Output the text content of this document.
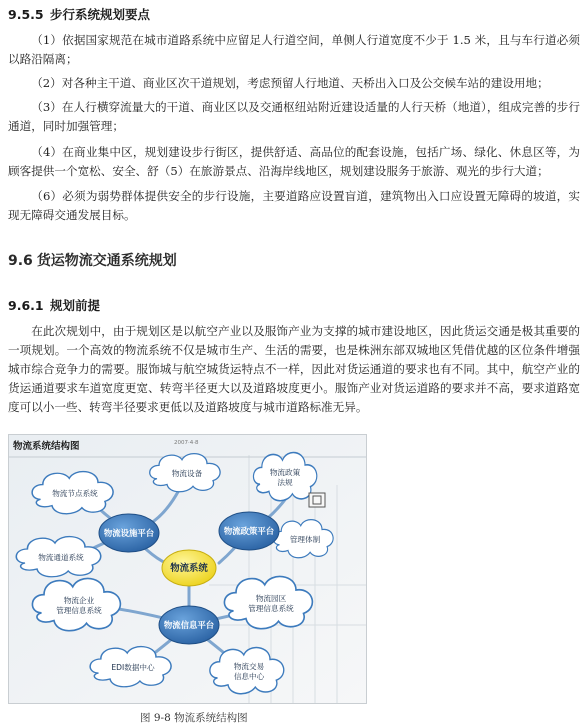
9.5.5 步行系统规划要点

（1）依据国家规范在城市道路系统中应留足人行道空间，单侧人行道宽度不少于 1.5 米，且与车行道必须以路沿隔离；

（2）对各种主干道、商业区次干道规划，考虑预留人行地道、天桥出入口及公交候车站的建设用地；

（3）在人行横穿流量大的干道、商业区以及交通枢纽站附近建设适量的人行天桥（地道），组成完善的步行通道，同时加强管理；

（4）在商业集中区，规划建设步行街区，提供舒适、高品位的配套设施，包括广场、绿化、休息区等，为顾客提供一个宽松、安全、舒（5）在旅游景点、沿海岸线地区，规划建设服务于旅游、观光的步行大道；

（6）必须为弱势群体提供安全的步行设施，主要道路应设置盲道，建筑物出入口应设置无障碍的坡道，实现无障碍交通发展目标。

9.6 货运物流交通系统规划
9.6.1 规划前提

在此次规划中，由于规划区是以航空产业以及服饰产业为支撑的城市建设地区，因此货运交通是极其重要的一项规划。一个高效的物流系统不仅是城市生产、生活的需要，也是株洲东部双城地区凭借优越的区位条件增强城市综合竞争力的需要。服饰城与航空城货运特点不一样，因此对货运通道的要求也有不同。其中，航空产业的货运通道要求车道宽度更宽、转弯半径更大以及道路坡度更小。服饰产业对货运道路的要求并不高，要求道路宽度可以小一些、转弯半径要求更低以及道路坡度与城市道路标准无异。

物流系统结构图	2007·4·8
物流节点系统
物流设备
物流通道系统
物流政策
法规
管理体制
物流企业
管理信息系统
物流园区
管理信息系统
EDI数据中心	物流交易
信息中心
物流设施平台	物流政策平台
物流信息平台
物流系统
图 9-8 物流系统结构图
